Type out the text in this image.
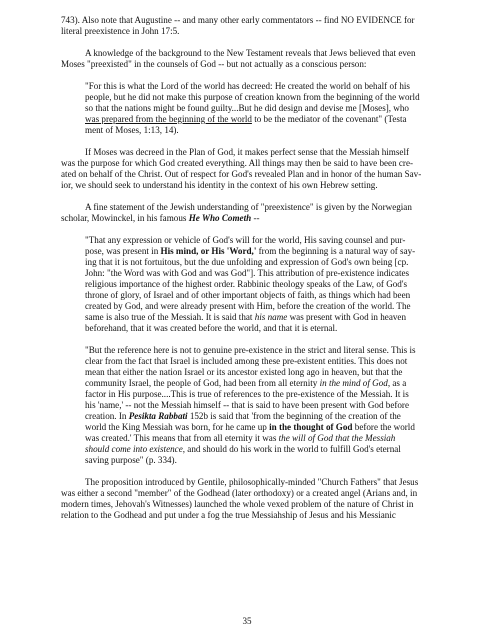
743). Also note that Augustine -- and many other early commentators -- find NO EVIDENCE for
literal preexistence in John 17:5.
A knowledge of the background to the New Testament reveals that Jews believed that even
Moses "preexisted" in the counsels of God -- but not actually as a conscious person:
"For this is what the Lord of the world has decreed: He created the world on behalf of his
people, but he did not make this purpose of creation known from the beginning of the world
so that the nations might be found guilty...But he did design and devise me [Moses], who
was prepared from the beginning of the world to be the mediator of the covenant" (Testa
ment of Moses, 1:13, 14).
If Moses was decreed in the Plan of God, it makes perfect sense that the Messiah himself
was the purpose for which God created everything. All things may then be said to have been cre-
ated on behalf of the Christ. Out of respect for God's revealed Plan and in honor of the human Sav-
ior, we should seek to understand his identity in the context of his own Hebrew setting.
A fine statement of the Jewish understanding of "preexistence" is given by the Norwegian
scholar, Mowinckel, in his famous He Who Cometh --
"That any expression or vehicle of God's will for the world, His saving counsel and pur-
pose, was present in His mind, or His 'Word,' from the beginning is a natural way of say-
ing that it is not fortuitous, but the due unfolding and expression of God's own being [cp.
John: "the Word was with God and was God"]. This attribution of pre-existence indicates
religious importance of the highest order. Rabbinic theology speaks of the Law, of God's
throne of glory, of Israel and of other important objects of faith, as things which had been
created by God, and were already present with Him, before the creation of the world. The
same is also true of the Messiah. It is said that his name was present with God in heaven
beforehand, that it was created before the world, and that it is eternal.
"But the reference here is not to genuine pre-existence in the strict and literal sense. This is
clear from the fact that Israel is included among these pre-existent entities. This does not
mean that either the nation Israel or its ancestor existed long ago in heaven, but that the
community Israel, the people of God, had been from all eternity in the mind of God, as a
factor in His purpose....This is true of references to the pre-existence of the Messiah. It is
his 'name,' -- not the Messiah himself -- that is said to have been present with God before
creation. In Pesikta Rabbati 152b is said that 'from the beginning of the creation of the
world the King Messiah was born, for he came up in the thought of God before the world
was created.' This means that from all eternity it was the will of God that the Messiah
should come into existence, and should do his work in the world to fulfill God's eternal
saving purpose" (p. 334).
The proposition introduced by Gentile, philosophically-minded "Church Fathers" that Jesus
was either a second "member" of the Godhead (later orthodoxy) or a created angel (Arians and, in
modern times, Jehovah's Witnesses) launched the whole vexed problem of the nature of Christ in
relation to the Godhead and put under a fog the true Messiahship of Jesus and his Messianic
35
